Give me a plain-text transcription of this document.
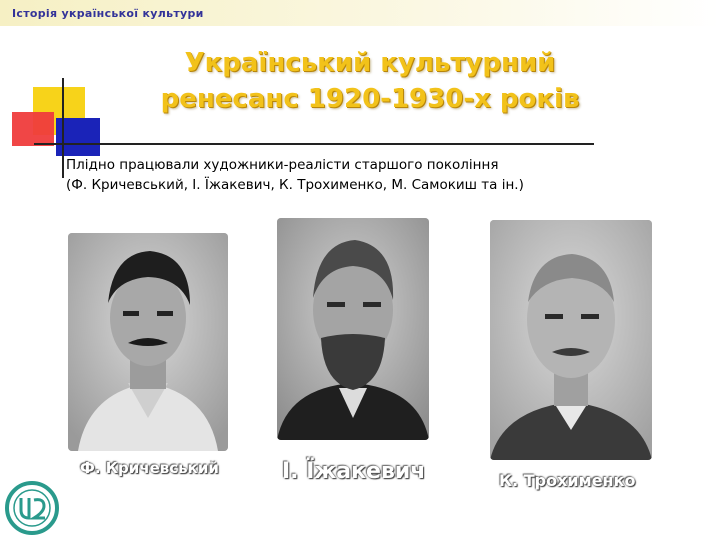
Історія української культури
Український культурний
ренесанс 1920-1930-х років
Плідно працювали художники-реалісти старшого покоління
(Ф. Кричевський, І. Їжакевич, К. Трохименко, М. Самокиш та ін.)
Ф. Кричевський	І. Їжакевич	К. Трохименко
